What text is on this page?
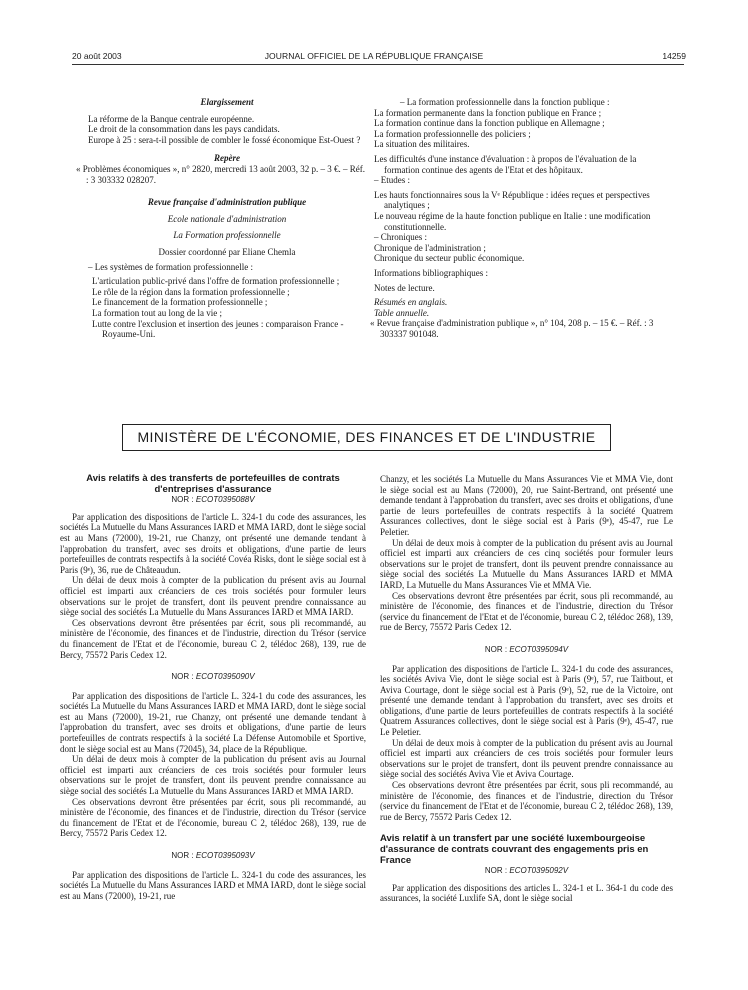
20 août 2003	JOURNAL OFFICIEL DE LA RÉPUBLIQUE FRANÇAISE	14259
Elargissement
La réforme de la Banque centrale européenne.
Le droit de la consommation dans les pays candidats.
Europe à 25 : sera-t-il possible de combler le fossé économique Est-Ouest ?
Repère
« Problèmes économiques », n° 2820, mercredi 13 août 2003, 32 p. – 3 €. – Réf. : 3 303332 028207.
Revue française d'administration publique
Ecole nationale d'administration
La Formation professionnelle
Dossier coordonné par Eliane Chemla
– Les systèmes de formation professionnelle :
L'articulation public-privé dans l'offre de formation professionnelle ;
Le rôle de la région dans la formation professionnelle ;
Le financement de la formation professionnelle ;
La formation tout au long de la vie ;
Lutte contre l'exclusion et insertion des jeunes : comparaison France - Royaume-Uni.
– La formation professionnelle dans la fonction publique :
La formation permanente dans la fonction publique en France ;
La formation continue dans la fonction publique en Allemagne ;
La formation professionnelle des policiers ;
La situation des militaires.
Les difficultés d'une instance d'évaluation : à propos de l'évaluation de la formation continue des agents de l'Etat et des hôpitaux.
– Etudes :
Les hauts fonctionnaires sous la Vᵉ République : idées reçues et perspectives analytiques ;
Le nouveau régime de la haute fonction publique en Italie : une modification constitutionnelle.
– Chroniques :
Chronique de l'administration ;
Chronique du secteur public économique.
Informations bibliographiques :
Notes de lecture.
Résumés en anglais.
Table annuelle.
« Revue française d'administration publique », n° 104, 208 p. – 15 €. – Réf. : 3 303337 901048.
MINISTÈRE DE L'ÉCONOMIE, DES FINANCES ET DE L'INDUSTRIE
Avis relatifs à des transferts de portefeuilles de contrats d'entreprises d'assurance
NOR : ECOT0395088V
Par application des dispositions de l'article L. 324-1 du code des assurances, les sociétés La Mutuelle du Mans Assurances IARD et MMA IARD, dont le siège social est au Mans (72000), 19-21, rue Chanzy, ont présenté une demande tendant à l'approbation du transfert, avec ses droits et obligations, d'une partie de leurs portefeuilles de contrats respectifs à la société Covéa Risks, dont le siège social est à Paris (9ᵉ), 36, rue de Châteaudun.
Un délai de deux mois à compter de la publication du présent avis au Journal officiel est imparti aux créanciers de ces trois sociétés pour formuler leurs observations sur le projet de transfert, dont ils peuvent prendre connaissance au siège social des sociétés La Mutuelle du Mans Assurances IARD et MMA IARD.
Ces observations devront être présentées par écrit, sous pli recommandé, au ministère de l'économie, des finances et de l'industrie, direction du Trésor (service du financement de l'Etat et de l'économie, bureau C 2, télédoc 268), 139, rue de Bercy, 75572 Paris Cedex 12.
NOR : ECOT0395090V
Par application des dispositions de l'article L. 324-1 du code des assurances, les sociétés La Mutuelle du Mans Assurances IARD et MMA IARD, dont le siège social est au Mans (72000), 19-21, rue Chanzy, ont présenté une demande tendant à l'approbation du transfert, avec ses droits et obligations, d'une partie de leurs portefeuilles de contrats respectifs à la société La Défense Automobile et Sportive, dont le siège social est au Mans (72045), 34, place de la République.
Un délai de deux mois à compter de la publication du présent avis au Journal officiel est imparti aux créanciers de ces trois sociétés pour formuler leurs observations sur le projet de transfert, dont ils peuvent prendre connaissance au siège social des sociétés La Mutuelle du Mans Assurances IARD et MMA IARD.
Ces observations devront être présentées par écrit, sous pli recommandé, au ministère de l'économie, des finances et de l'industrie, direction du Trésor (service du financement de l'Etat et de l'économie, bureau C 2, télédoc 268), 139, rue de Bercy, 75572 Paris Cedex 12.
NOR : ECOT0395093V
Par application des dispositions de l'article L. 324-1 du code des assurances, les sociétés La Mutuelle du Mans Assurances IARD et MMA IARD, dont le siège social est au Mans (72000), 19-21, rue
Chanzy, et les sociétés La Mutuelle du Mans Assurances Vie et MMA Vie, dont le siège social est au Mans (72000), 20, rue Saint-Bertrand, ont présenté une demande tendant à l'approbation du transfert, avec ses droits et obligations, d'une partie de leurs portefeuilles de contrats respectifs à la société Quatrem Assurances collectives, dont le siège social est à Paris (9ᵉ), 45-47, rue Le Peletier.
Un délai de deux mois à compter de la publication du présent avis au Journal officiel est imparti aux créanciers de ces cinq sociétés pour formuler leurs observations sur le projet de transfert, dont ils peuvent prendre connaissance au siège social des sociétés La Mutuelle du Mans Assurances IARD et MMA IARD, La Mutuelle du Mans Assurances Vie et MMA Vie.
Ces observations devront être présentées par écrit, sous pli recommandé, au ministère de l'économie, des finances et de l'industrie, direction du Trésor (service du financement de l'Etat et de l'économie, bureau C 2, télédoc 268), 139, rue de Bercy, 75572 Paris Cedex 12.
NOR : ECOT0395094V
Par application des dispositions de l'article L. 324-1 du code des assurances, les sociétés Aviva Vie, dont le siège social est à Paris (9ᵉ), 57, rue Taitbout, et Aviva Courtage, dont le siège social est à Paris (9ᵉ), 52, rue de la Victoire, ont présenté une demande tendant à l'approbation du transfert, avec ses droits et obligations, d'une partie de leurs portefeuilles de contrats respectifs à la société Quatrem Assurances collectives, dont le siège social est à Paris (9ᵉ), 45-47, rue Le Peletier.
Un délai de deux mois à compter de la publication du présent avis au Journal officiel est imparti aux créanciers de ces trois sociétés pour formuler leurs observations sur le projet de transfert, dont ils peuvent prendre connaissance au siège social des sociétés Aviva Vie et Aviva Courtage.
Ces observations devront être présentées par écrit, sous pli recommandé, au ministère de l'économie, des finances et de l'industrie, direction du Trésor (service du financement de l'Etat et de l'économie, bureau C 2, télédoc 268), 139, rue de Bercy, 75572 Paris Cedex 12.
Avis relatif à un transfert par une société luxembourgeoise d'assurance de contrats couvrant des engagements pris en France
NOR : ECOT0395092V
Par application des dispositions des articles L. 324-1 et L. 364-1 du code des assurances, la société Luxlife SA, dont le siège social
